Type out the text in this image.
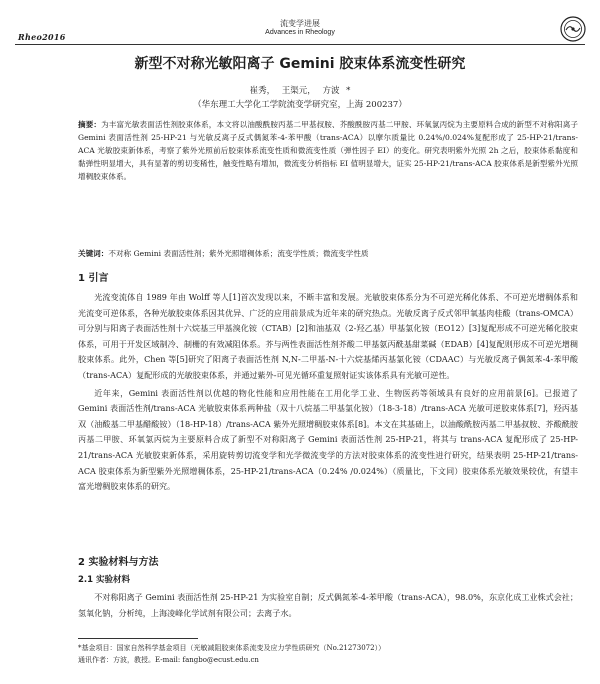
Rheo2016
流变学进展
Advances in Rheology
新型不对称光敏阳离子 Gemini 胶束体系流变性研究
崔秀， 王渠元， 方波 *
（华东理工大学化工学院流变学研究室，上海 200237）
摘要：为丰富光敏表面活性剂胶束体系，本文将以油酸酰胺丙基二甲基叔胺、芥酸酰胺丙基二甲胺、环氧氯丙烷为主要原料合成的新型不对称阳离子 Gemini 表面活性剂 25-HP-21 与光敏反离子反式偶氮苯-4-苯甲酸（trans-ACA）以摩尔质量比 0.24%/0.024%复配形成了 25-HP-21/trans-ACA 光敏胶束新体系，考察了紫外光照前后胶束体系流变性质和微流变性质（弹性因子 EI）的变化。研究表明紫外光照 2h 之后，胶束体系黏度和黏弹性明显增大，具有显著的剪切变稀性，触变性略有增加，微流变分析指标 EI 值明显增大，证实 25-HP-21/trans-ACA 胶束体系是新型紫外光照增稠胶束体系。
关键词：不对称 Gemini 表面活性剂；紫外光照增稠体系；流变学性质；微流变学性质
1 引言

光流变流体自 1989 年由 Wolff 等人[1]首次发现以来，不断丰富和发展。光敏胶束体系分为不可逆光稀化体系、不可逆光增稠体系和光流变可逆体系，各种光敏胶束体系因其优异、广泛的应用前景成为近年来的研究热点。光敏反离子反式邻甲氧基肉桂酸（trans-OMCA）可分别与阳离子表面活性剂十六烷基三甲基溴化铵（CTAB）[2]和油基双（2-羟乙基）甲基氯化铵（EO12）[3]复配形成不可逆光稀化胶束体系，可用于开发区域制冷、制栅的有效减阻体系。芥与两性表面活性剂芥酸二甲基氨丙酰基甜菜碱（EDAB）[4]复配则形成不可逆光增稠胶束体系。此外，Chen 等[5]研究了阳离子表面活性剂 N,N-二甲基-N-十六烷基烯丙基氯化铵（CDAAC）与光敏反离子偶氮苯-4-苯甲酸（trans-ACA）复配形成的光敏胶束体系，并通过紫外-可见光循环重复照射证实该体系具有光敏可逆性。

近年来，Gemini 表面活性剂以优越的物化性能和应用性能在工用化学工业、生物医药等领域具有良好的应用前景[6]。已报道了 Gemini 表面活性剂/trans-ACA 光敏胶束体系两种盐（双十八烷基二甲基氯化铵）（18-3-18）/trans-ACA 光敏可逆胶束体系[7]，羟丙基双（油酸基二甲基醋酸铵）（18-HP-18）/trans-ACA 紫外光照增稠胶束体系[8]。本文在其基础上，以油酸酰胺丙基二甲基叔胺、芥酸酰胺丙基二甲胺、环氧氯丙烷为主要原料合成了新型不对称阳离子 Gemini 表面活性剂 25-HP-21，将其与 trans-ACA 复配形成了 25-HP-21/trans-ACA 光敏胶束新体系，采用旋转剪切流变学和光学微流变学的方法对胶束体系的流变性进行研究，结果表明 25-HP-21/trans-ACA 胶束体系为新型紫外光照增稠体系，25-HP-21/trans-ACA（0.24% /0.024%）（质量比，下文同）胶束体系光敏效果较优，有望丰富光增稠胶束体系的研究。

2 实验材料与方法
2.1 实验材料

不对称阳离子 Gemini 表面活性剂 25-HP-21 为实验室自制；反式偶氮苯-4-苯甲酸（trans-ACA），98.0%，东京化成工业株式会社；氢氧化钠，分析纯，上海凌峰化学试剂有限公司；去离子水。

*基金项目：国家自然科学基金项目（光敏减阻胶束体系流变及应力学性质研究（No.21273072））
通讯作者：方波，教授。E-mail: fangbo@ecust.edu.cn
